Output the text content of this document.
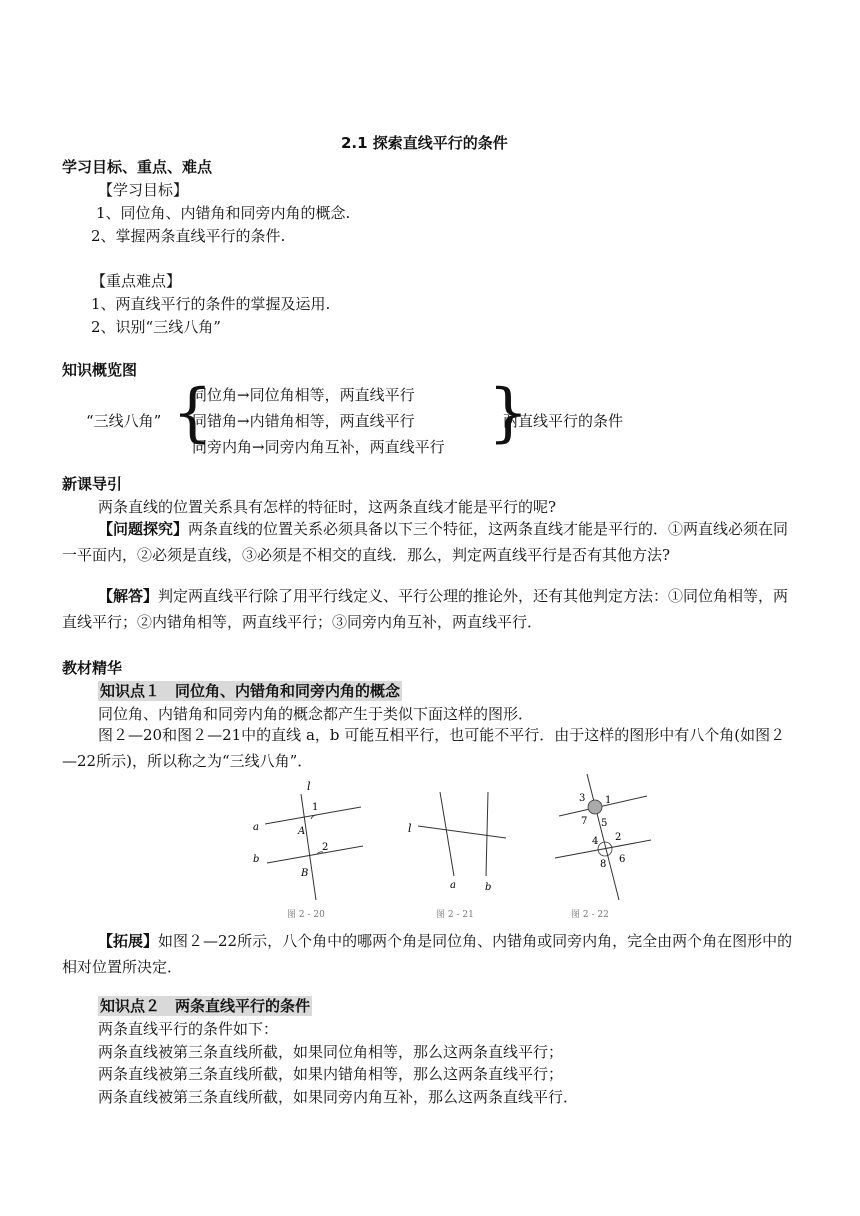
2.1 探索直线平行的条件
学习目标、重点、难点
【学习目标】
1、同位角、内错角和同旁内角的概念.
2、掌握两条直线平行的条件.
【重点难点】
1、两直线平行的条件的掌握及运用.
2、识别“三线八角”
知识概览图
“三线八角” {
同位角→同位角相等，两直线平行
同错角→内错角相等，两直线平行
同旁内角→同旁内角互补，两直线平行 }
两直线平行的条件
新课导引
两条直线的位置关系具有怎样的特征时，这两条直线才能是平行的呢?
【问题探究】两条直线的位置关系必须具备以下三个特征，这两条直线才能是平行的．①两直线必须在同一平面内，②必须是直线，③必须是不相交的直线．那么，判定两直线平行是否有其他方法?
【解答】判定两直线平行除了用平行线定义、平行公理的推论外，还有其他判定方法：①同位角相等，两直线平行；②内错角相等，两直线平行；③同旁内角互补，两直线平行．
教材精华
知识点１　同位角、内错角和同旁内角的概念
同位角、内错角和同旁内角的概念都产生于类似下面这样的图形．
图２—20和图２—21中的直线 a，b 可能互相平行，也可能不平行．由于这样的图形中有八个角(如图２—22所示)，所以称之为“三线八角”．
l
1
a	A
2
b
B
图 2 - 20
l
a	b
图 2 - 21
3 1
7 5
4 2
8 6
图 2 - 22
【拓展】如图２—22所示，八个角中的哪两个角是同位角、内错角或同旁内角，完全由两个角在图形中的相对位置所决定．
知识点２　两条直线平行的条件
两条直线平行的条件如下：
两条直线被第三条直线所截，如果同位角相等，那么这两条直线平行；
两条直线被第三条直线所截，如果内错角相等，那么这两条直线平行；
两条直线被第三条直线所截，如果同旁内角互补，那么这两条直线平行．
